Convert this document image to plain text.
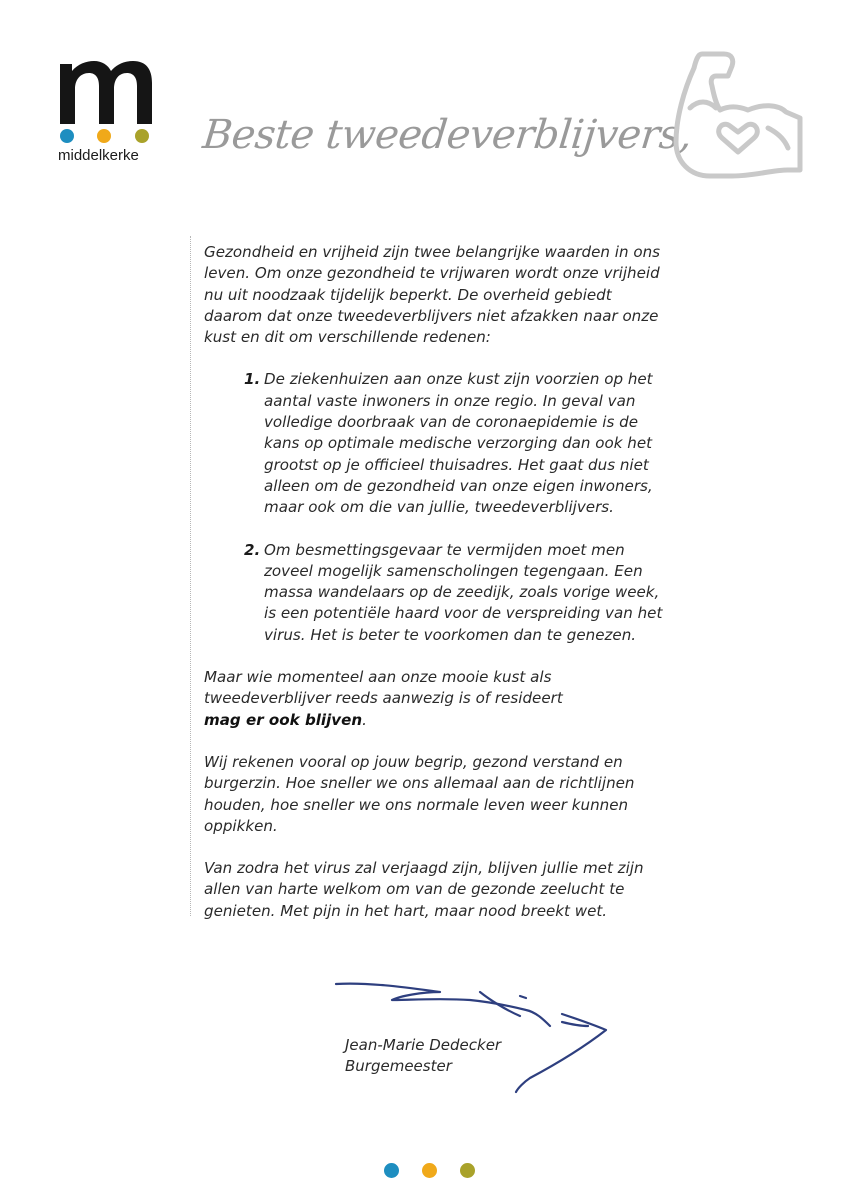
middelkerke Beste tweedeverblijvers,

Gezondheid en vrijheid zijn twee belangrijke waarden in ons leven. Om onze gezondheid te vrijwaren wordt onze vrijheid nu uit noodzaak tijdelijk beperkt. De overheid gebiedt daarom dat onze tweedeverblijvers niet afzakken naar onze kust en dit om verschillende redenen:

1. De ziekenhuizen aan onze kust zijn voorzien op het aantal vaste inwoners in onze regio. In geval van volledige doorbraak van de coronaepidemie is de kans op optimale medische verzorging dan ook het grootst op je officieel thuisadres. Het gaat dus niet alleen om de gezondheid van onze eigen inwoners, maar ook om die van jullie, tweedeverblijvers.
2. Om besmettingsgevaar te vermijden moet men zoveel mogelijk samenscholingen tegengaan. Een massa wandelaars op de zeedijk, zoals vorige week, is een potentiële haard voor de verspreiding van het virus. Het is beter te voorkomen dan te genezen.

Maar wie momenteel aan onze mooie kust als tweedeverblijver reeds aanwezig is of resideert
mag er ook blijven.

Wij rekenen vooral op jouw begrip, gezond verstand en burgerzin. Hoe sneller we ons allemaal aan de richtlijnen houden, hoe sneller we ons normale leven weer kunnen oppikken.

Van zodra het virus zal verjaagd zijn, blijven jullie met zijn allen van harte welkom om van de gezonde zeelucht te genieten. Met pijn in het hart, maar nood breekt wet.

Jean-Marie Dedecker
Burgemeester
